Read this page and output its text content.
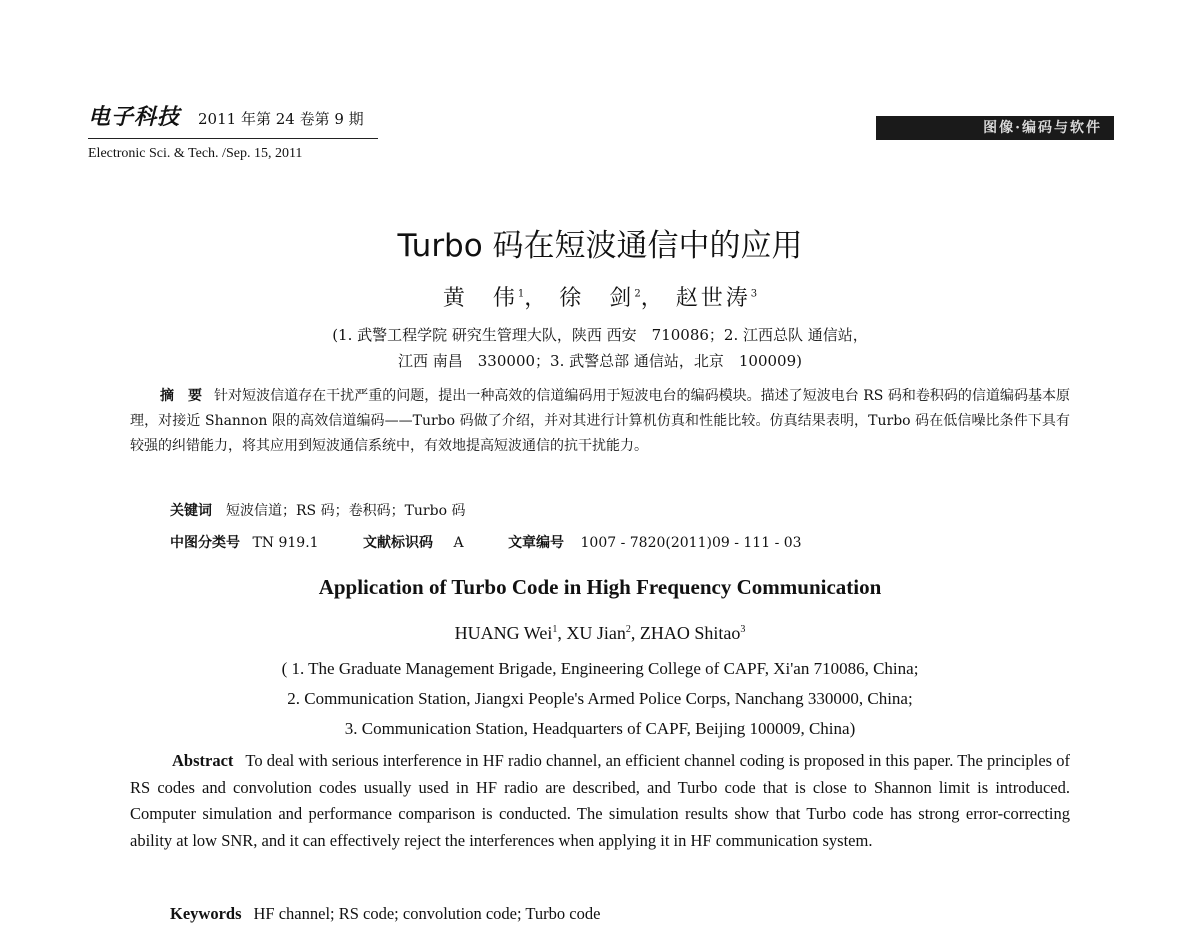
电子科技 2011 年第 24 卷第 9 期
Electronic Sci. & Tech. /Sep. 15, 2011
图像·编码与软件
Turbo 码在短波通信中的应用
黄　伟$^1$， 徐　剑$^2$， 赵世涛$^3$
(1. 武警工程学院 研究生管理大队，陕西 西安　710086；2. 江西总队 通信站，
江西 南昌　330000；3. 武警总部 通信站，北京　100009)
摘　要 针对短波信道存在干扰严重的问题，提出一种高效的信道编码用于短波电台的编码模块。描述了短波电台 RS 码和卷积码的信道编码基本原理，对接近 Shannon 限的高效信道编码——Turbo 码做了介绍，并对其进行计算机仿真和性能比较。仿真结果表明，Turbo 码在低信噪比条件下具有较强的纠错能力，将其应用到短波通信系统中，有效地提高短波通信的抗干扰能力。
关键词 短波信道；RS 码；卷积码；Turbo 码
中图分类号 TN 919.1	文献标识码 A	文章编号 1007 - 7820(2011)09 - 111 - 03
Application of Turbo Code in High Frequency Communication
HUANG Wei$^1$, XU Jian$^2$, ZHAO Shitao$^3$
( 1. The Graduate Management Brigade, Engineering College of CAPF, Xi'an 710086, China;
2. Communication Station, Jiangxi People's Armed Police Corps, Nanchang 330000, China;
3. Communication Station, Headquarters of CAPF, Beijing 100009, China)
Abstract To deal with serious interference in HF radio channel, an efficient channel coding is proposed in this paper. The principles of RS codes and convolution codes usually used in HF radio are described, and Turbo code that is close to Shannon limit is introduced. Computer simulation and performance comparison is conducted. The simulation results show that Turbo code has strong error-correcting ability at low SNR, and it can effectively reject the interferences when applying it in HF communication system.
Keywords HF channel; RS code; convolution code; Turbo code
